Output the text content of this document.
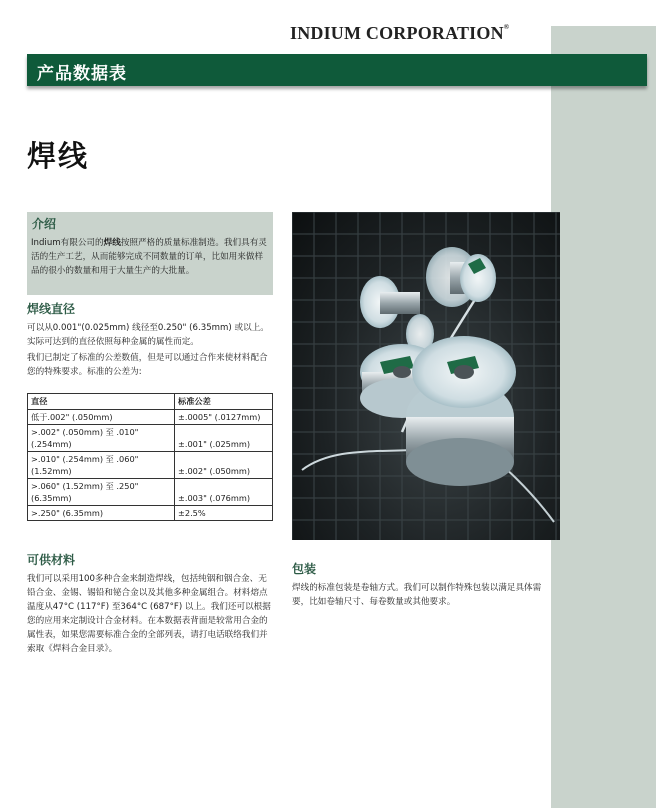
INDIUM CORPORATION®
产品数据表
焊线
介绍
Indium有限公司的焊线按照严格的质量标准制造。我们具有灵活的生产工艺，从而能够完成不同数量的订单，比如用来做样品的很小的数量和用于大量生产的大批量。
焊线直径
可以从0.001"(0.025mm) 线径至0.250" (6.35mm) 或以上。实际可达到的直径依照每种金属的属性而定。
我们已制定了标准的公差数值，但是可以通过合作来使材料配合您的特殊要求。标准的公差为:
直径	标准公差
低于.002" (.050mm)	±.0005" (.0127mm)
>.002" (.050mm) 至 .010" (.254mm)	±.001" (.025mm)
>.010" (.254mm) 至 .060" (1.52mm)	±.002" (.050mm)
>.060" (1.52mm) 至 .250" (6.35mm)	±.003" (.076mm)
>.250" (6.35mm)	±2.5%
可供材料
我们可以采用100多种合金来制造焊线，包括纯铟和铟合金、无铅合金、金锡、锡铅和铋合金以及其他多种金属组合。材料熔点温度从47°C (117°F) 至364°C (687°F) 以上。我们还可以根据您的应用来定制设计合金材料。在本数据表背面是较常用合金的属性表，如果您需要标准合金的全部列表，请打电话联络我们并索取《焊料合金目录》。
包装
焊线的标准包装是卷轴方式。我们可以制作特殊包装以满足具体需要，比如卷轴尺寸、每卷数量或其他要求。
